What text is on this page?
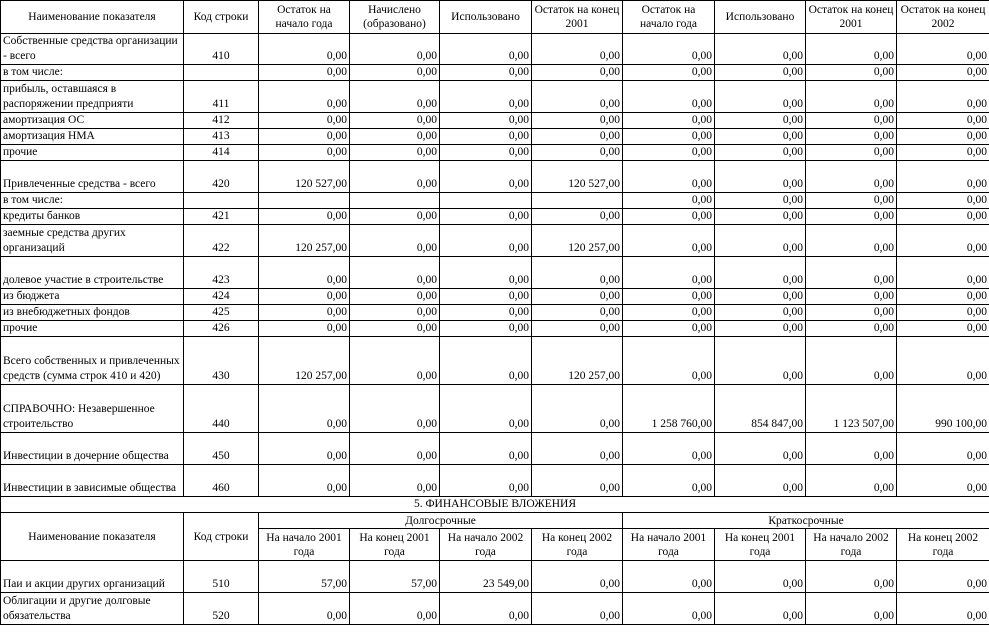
Наименование показателя	Код строки	Остаток на начало года	Начислено (образовано)	Использовано	Остаток на конец 2001	Остаток на начало года	Использовано	Остаток на конец 2001	Остаток на конец 2002
Собственные средства организации - всего	410	0,00	0,00	0,00	0,00	0,00	0,00	0,00	0,00
в том числе:		0,00	0,00	0,00	0,00	0,00	0,00	0,00	0,00
прибыль, оставшаяся в распоряжении предприяти	411	0,00	0,00	0,00	0,00	0,00	0,00	0,00	0,00
амортизация ОС	412	0,00	0,00	0,00	0,00	0,00	0,00	0,00	0,00
амортизация НМА	413	0,00	0,00	0,00	0,00	0,00	0,00	0,00	0,00
прочие	414	0,00	0,00	0,00	0,00	0,00	0,00	0,00	0,00
Привлеченные средства - всего	420	120 527,00	0,00	0,00	120 527,00	0,00	0,00	0,00	0,00
в том числе:						0,00	0,00	0,00	0,00
кредиты банков	421	0,00	0,00	0,00	0,00	0,00	0,00	0,00	0,00
заемные средства других организаций	422	120 257,00	0,00	0,00	120 257,00	0,00	0,00	0,00	0,00
долевое участие в строительстве	423	0,00	0,00	0,00	0,00	0,00	0,00	0,00	0,00
из бюджета	424	0,00	0,00	0,00	0,00	0,00	0,00	0,00	0,00
из внебюджетных фондов	425	0,00	0,00	0,00	0,00	0,00	0,00	0,00	0,00
прочие	426	0,00	0,00	0,00	0,00	0,00	0,00	0,00	0,00
Всего собственных и привлеченных средств (сумма строк 410 и 420)	430	120 257,00	0,00	0,00	120 257,00	0,00	0,00	0,00	0,00
СПРАВОЧНО: Незавершенное строительство	440	0,00	0,00	0,00	0,00	1 258 760,00	854 847,00	1 123 507,00	990 100,00
Инвестиции в дочерние общества	450	0,00	0,00	0,00	0,00	0,00	0,00	0,00	0,00
Инвестиции в зависимые общества	460	0,00	0,00	0,00	0,00	0,00	0,00	0,00	0,00
5. ФИНАНСОВЫЕ ВЛОЖЕНИЯ									
Наименование показателя	Код строки	Долгосрочные				Краткосрочные			
		На начало 2001 года	На конец 2001 года	На начало 2002 года	На конец 2002 года	На начало 2001 года	На конец 2001 года	На начало 2002 года	На конец 2002 года
Паи и акции других организаций	510	57,00	57,00	23 549,00	0,00	0,00	0,00	0,00	0,00
Облигации и другие долговые обязательства	520	0,00	0,00	0,00	0,00	0,00	0,00	0,00	0,00
